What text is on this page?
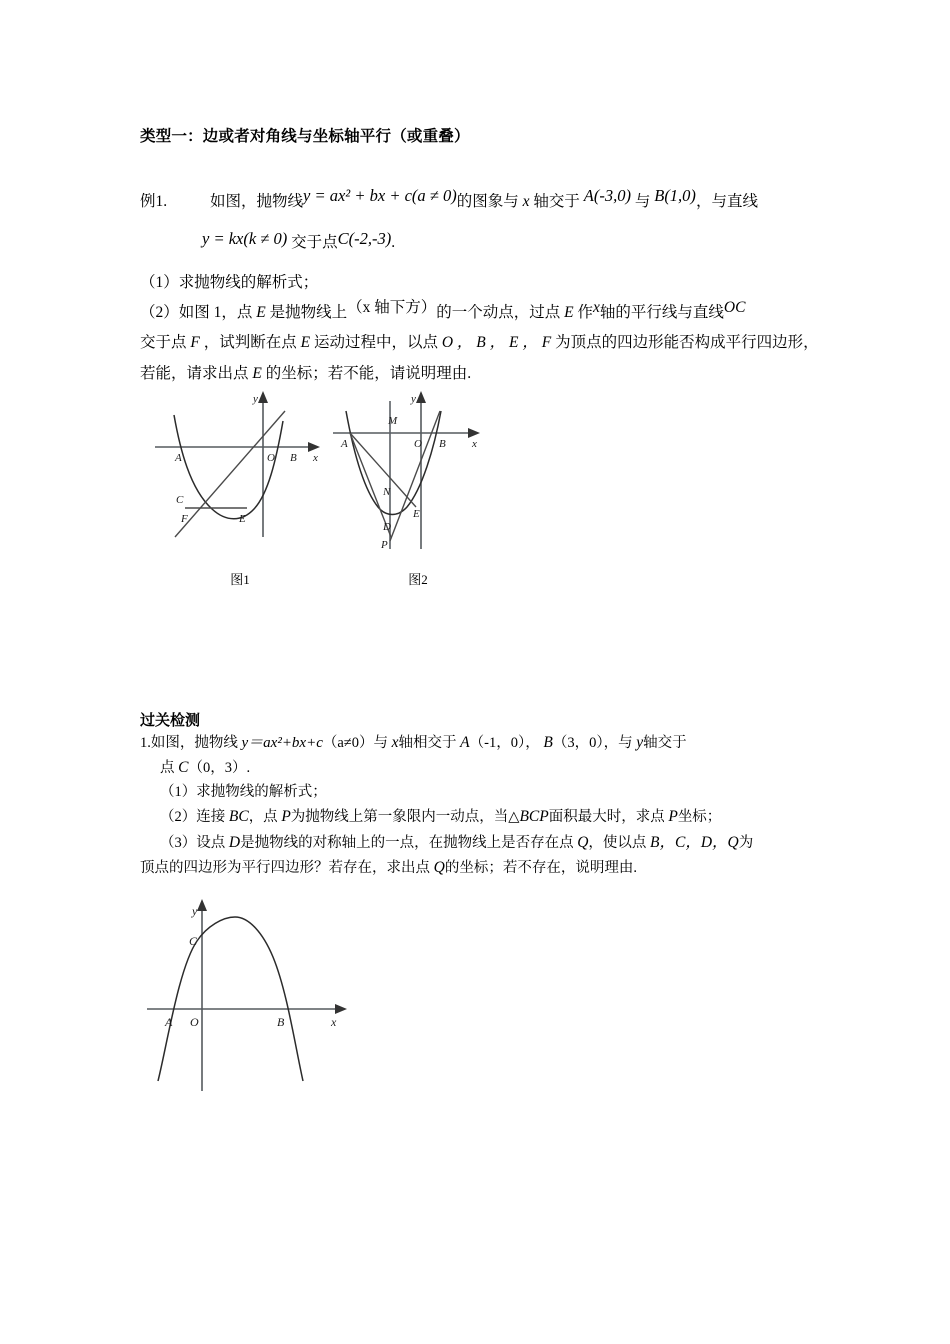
类型一：边或者对角线与坐标轴平行（或重叠）
例1.	如图，抛物线y = ax² + bx + c(a ≠ 0)的图象与 x 轴交于 A(-3,0) 与 B(1,0)，与直线
y = kx(k ≠ 0) 交于点C(-2,-3).
（1）求抛物线的解析式；
（2）如图 1，点 E 是抛物线上（x 轴下方）的一个动点，过点 E 作x轴的平行线与直线OC
交于点 F ，试判断在点 E 运动过程中，以点 O ， B ， E ， F 为顶点的四边形能否构成平行四边形，若能，请求出点 E 的坐标；若不能，请说明理由.
A	O B x
y
C
F	E
图1
M
A	O B x
y
N
E
D
P
图2
过关检测
1.如图，抛物线 y＝ax²+bx+c（a≠0）与 x轴相交于 A（-1，0）， B（3，0），与 y轴交于
点 C（0，3）.
（1）求抛物线的解析式；
（2）连接 BC，点 P为抛物线上第一象限内一动点，当△BCP面积最大时，求点 P坐标；
（3）设点 D是抛物线的对称轴上的一点，在抛物线上是否存在点 Q，使以点 B，C，D，Q为
顶点的四边形为平行四边形？若存在，求出点 Q的坐标；若不存在，说明理由.
y
C
A O	B	x
